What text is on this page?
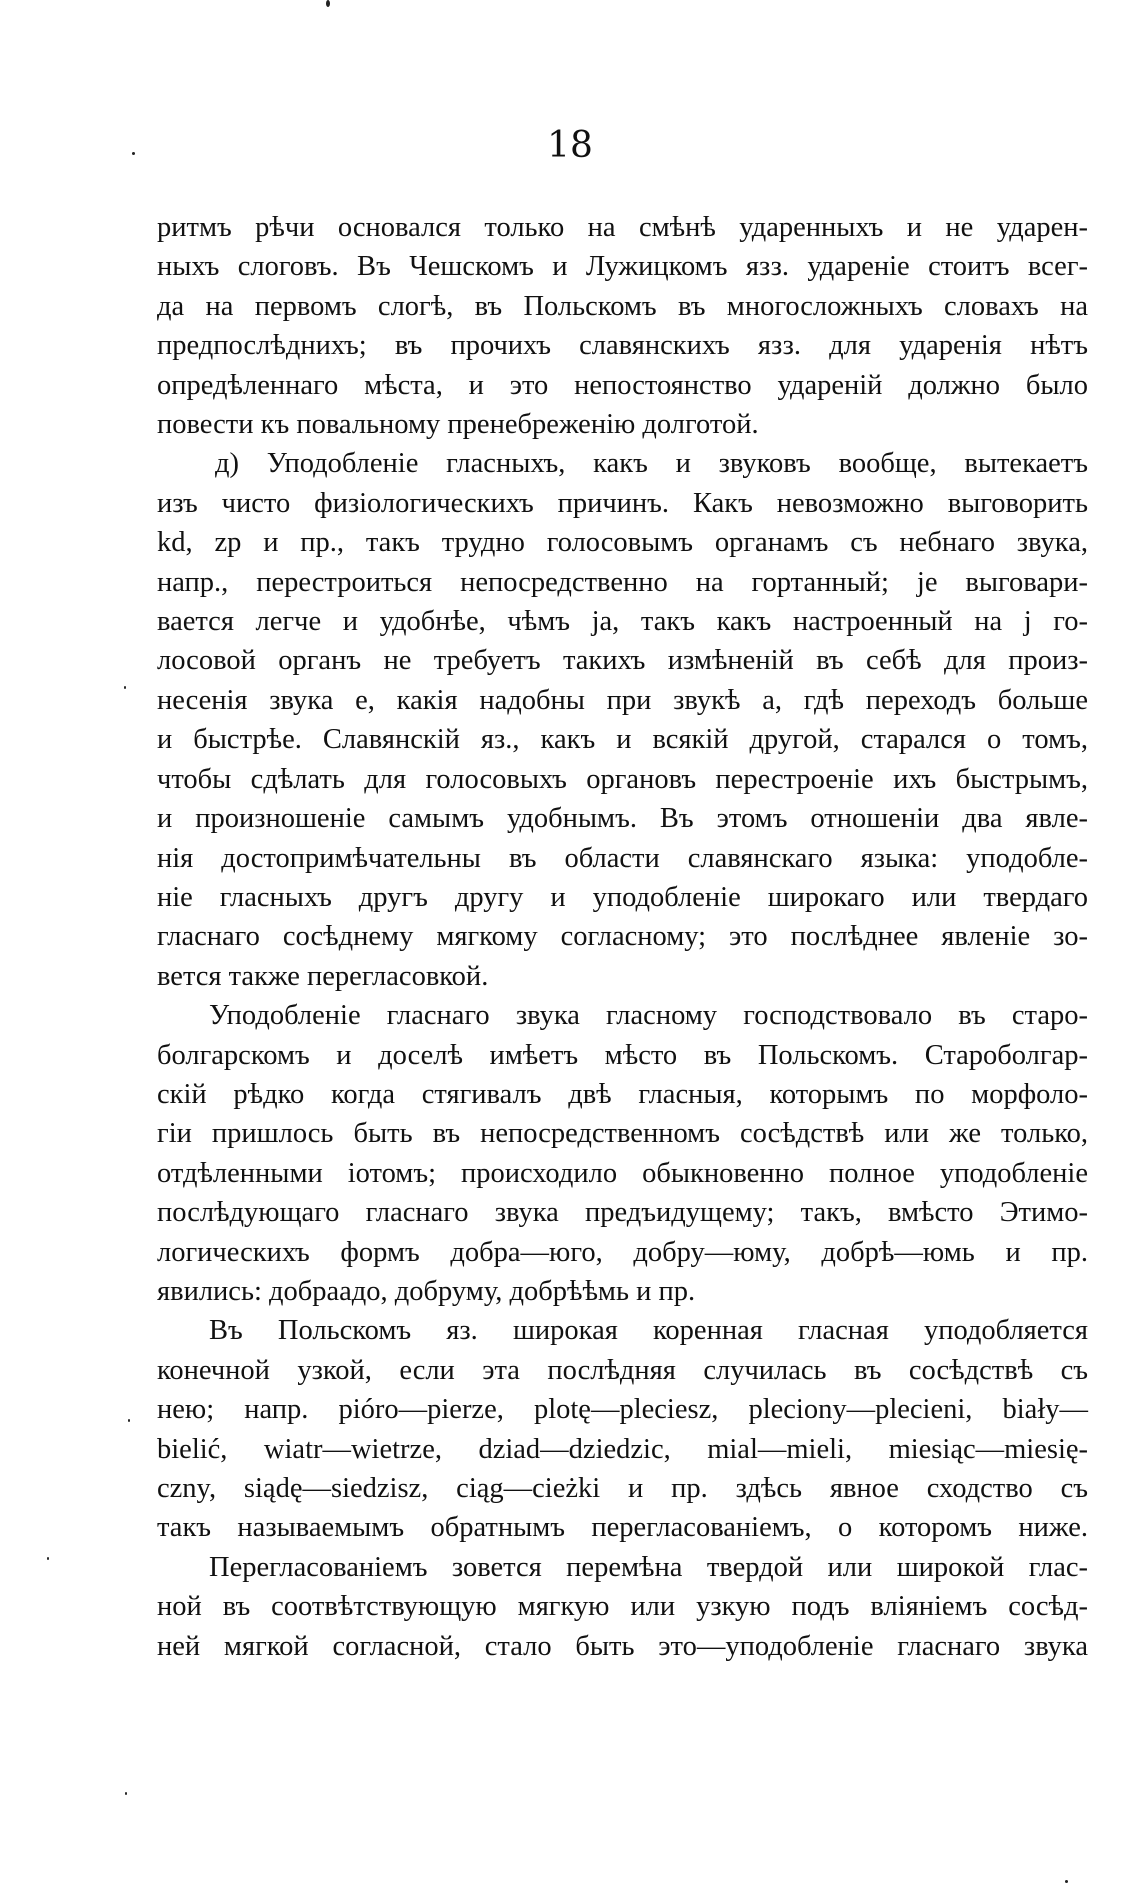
18

ритмъ рѣчи основался только на смѣнѣ ударенныхъ и не ударен-

ныхъ слоговъ. Въ Чешскомъ и Лужицкомъ язз. удареніе стоитъ всег-

да на первомъ слогѣ, въ Польскомъ въ многосложныхъ словахъ на

предпослѣднихъ; въ прочихъ славянскихъ язз. для ударенія нѣтъ

опредѣленнаго мѣста, и это непостоянство удареній должно было

повести къ повальному пренебреженію долготой.

д) Уподобленіе гласныхъ, какъ и звуковъ вообще, вытекаетъ

изъ чисто физіологическихъ причинъ. Какъ невозможно выговорить

kd, zp и пр., такъ трудно голосовымъ органамъ съ небнаго звука,

напр., перестроиться непосредственно на гортанный; je выговари-

вается легче и удобнѣе, чѣмъ ja, такъ какъ настроенный на j го-

лосовой органъ не требуетъ такихъ измѣненій въ себѣ для произ-

несенія звука e, какія надобны при звукѣ a, гдѣ переходъ больше

и быстрѣе. Славянскій яз., какъ и всякій другой, старался о томъ,

чтобы сдѣлать для голосовыхъ органовъ перестроеніе ихъ быстрымъ,

и произношеніе самымъ удобнымъ. Въ этомъ отношеніи два явле-

нія достопримѣчательны въ области славянскаго языка: уподобле-

ніе гласныхъ другъ другу и уподобленіе широкаго или твердаго

гласнаго сосѣднему мягкому согласному; это послѣднее явленіе зо-

вется также перегласовкой.

Уподобленіе гласнаго звука гласному господствовало въ старо-

болгарскомъ и доселѣ имѣетъ мѣсто въ Польскомъ. Староболгар-

скій рѣдко когда стягивалъ двѣ гласныя, которымъ по морфоло-

гіи пришлось быть въ непосредственномъ сосѣдствѣ или же только,

отдѣленными іотомъ; происходило обыкновенно полное уподобленіе

послѣдующаго гласнаго звука предъидущему; такъ, вмѣсто Этимо-

логическихъ формъ добра—юго, добру—юму, добрѣ—юмь и пр.

явились: добраадо, добруму, добрѣѣмь и пр.

Въ Польскомъ яз. широкая коренная гласная уподобляется

конечной узкой, если эта послѣдняя случилась въ сосѣдствѣ съ

нею; напр. pióro—pierze, plotę—pleciesz, pleciony—plecieni, biały—

bielić, wiatr—wietrze, dziad—dziedzic, mial—mieli, miesiąc—miesię-

czny, siądę—siedzisz, ciąg—cieżki и пр. здѣсь явное сходство съ

такъ называемымъ обратнымъ перегласованіемъ, о которомъ ниже.

Перегласованіемъ зовется перемѣна твердой или широкой глас-

ной въ соотвѣтствующую мягкую или узкую подъ вліяніемъ сосѣд-

ней мягкой согласной, стало быть это—уподобленіе гласнаго звука
